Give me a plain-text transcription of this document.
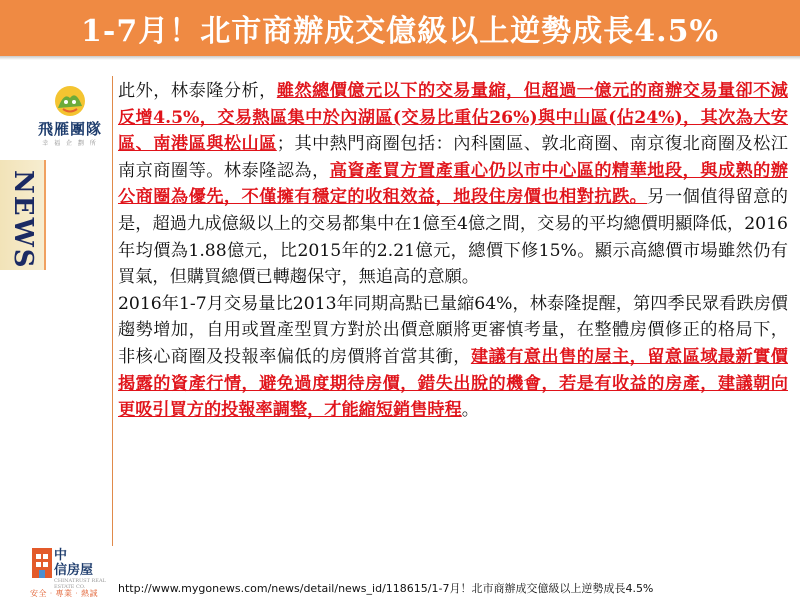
1-7月！北市商辦成交億級以上逆勢成長4.5%
飛雁團隊
幸 福 企 劃 所
NEWS

此外，林泰隆分析，雖然總價億元以下的交易量縮，但超過一億元的商辦交易量卻不減反增4.5%，交易熱區集中於內湖區(交易比重佔26%)與中山區(佔24%)，其次為大安區、南港區與松山區；其中熱門商圈包括：內科園區、敦北商圈、南京復北商圈及松江南京商圈等。林泰隆認為，高資產買方置產重心仍以市中心區的精華地段，與成熟的辦公商圈為優先，不僅擁有穩定的收租效益，地段住房價也相對抗跌。另一個值得留意的是，超過九成億級以上的交易都集中在1億至4億之間，交易的平均總價明顯降低，2016年均價為1.88億元，比2015年的2.21億元，總價下修15%。顯示高總價市場雖然仍有買氣，但購買總價已轉趨保守，無追高的意願。

2016年1-7月交易量比2013年同期高點已量縮64%，林泰隆提醒，第四季民眾看跌房價趨勢增加，自用或置產型買方對於出價意願將更審慎考量，在整體房價修正的格局下，非核心商圈及投報率偏低的房價將首當其衝，建議有意出售的屋主，留意區域最新實價揭露的資產行情，避免過度期待房價，錯失出脫的機會，若是有收益的房產，建議朝向更吸引買方的投報率調整，才能縮短銷售時程。

中
信房屋
CHINATRUST REAL ESTATE CO.
安全‧專業‧熱誠	http://www.mygonews.com/news/detail/news_id/118615/1-7月！北市商辦成交億級以上逆勢成長4.5%
